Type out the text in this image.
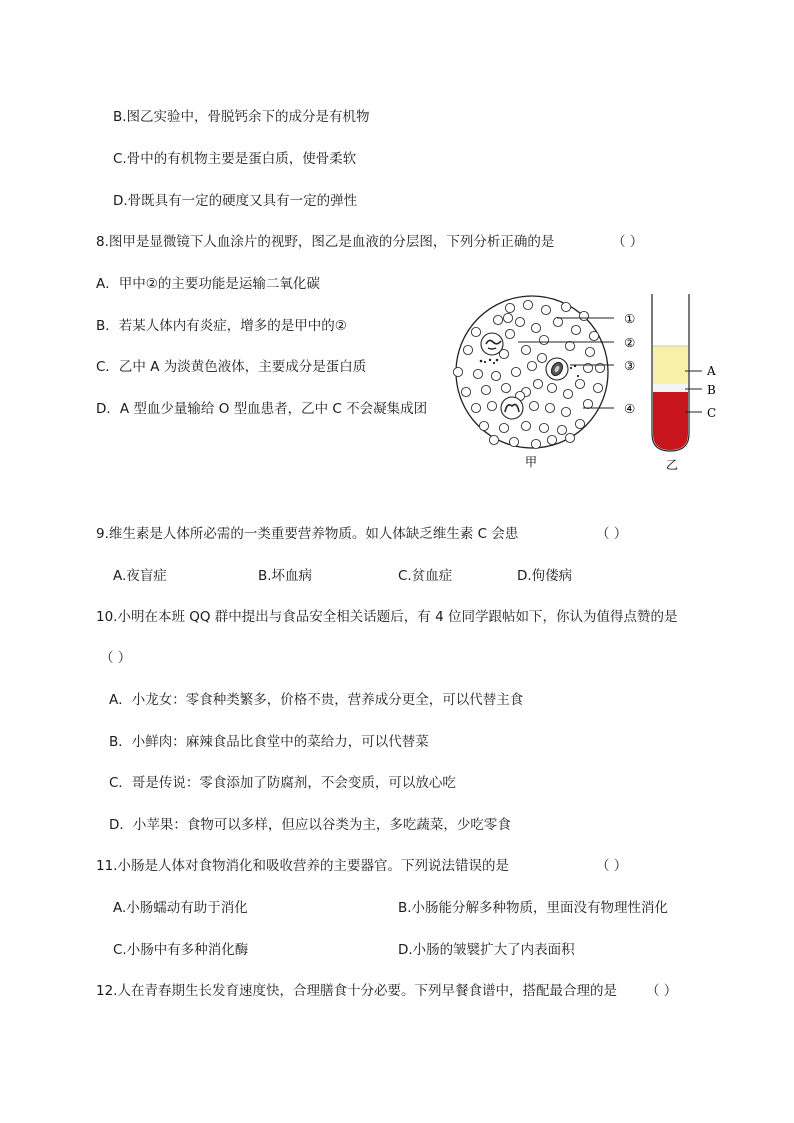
B.图乙实验中，骨脱钙余下的成分是有机物
C.骨中的有机物主要是蛋白质，使骨柔软
D.骨既具有一定的硬度又具有一定的弹性
8.图甲是显微镜下人血涂片的视野，图乙是血液的分层图，下列分析正确的是	（ ）
A．甲中②的主要功能是运输二氧化碳
B．若某人体内有炎症，增多的是甲中的②
C．乙中 A 为淡黄色液体，主要成分是蛋白质
D．A 型血少量输给 O 型血患者，乙中 C 不会凝集成团
①
②
③
④
甲
A
B
C
乙
9.维生素是人体所必需的一类重要营养物质。如人体缺乏维生素 C 会患	（ ）
A.夜盲症	B.坏血病	C.贫血症	D.佝偻病
10.小明在本班 QQ 群中提出与食品安全相关话题后，有 4 位同学跟帖如下，你认为值得点赞的是
（ ）
A．小龙女：零食种类繁多，价格不贵，营养成分更全，可以代替主食
B．小鲜肉：麻辣食品比食堂中的菜给力，可以代替菜
C．哥是传说：零食添加了防腐剂，不会变质，可以放心吃
D．小苹果：食物可以多样，但应以谷类为主，多吃蔬菜，少吃零食
11.小肠是人体对食物消化和吸收营养的主要器官。下列说法错误的是	（ ）
A.小肠蠕动有助于消化	B.小肠能分解多种物质，里面没有物理性消化
C.小肠中有多种消化酶	D.小肠的皱襞扩大了内表面积
12.人在青春期生长发育速度快，合理膳食十分必要。下列早餐食谱中，搭配最合理的是 （ ）
